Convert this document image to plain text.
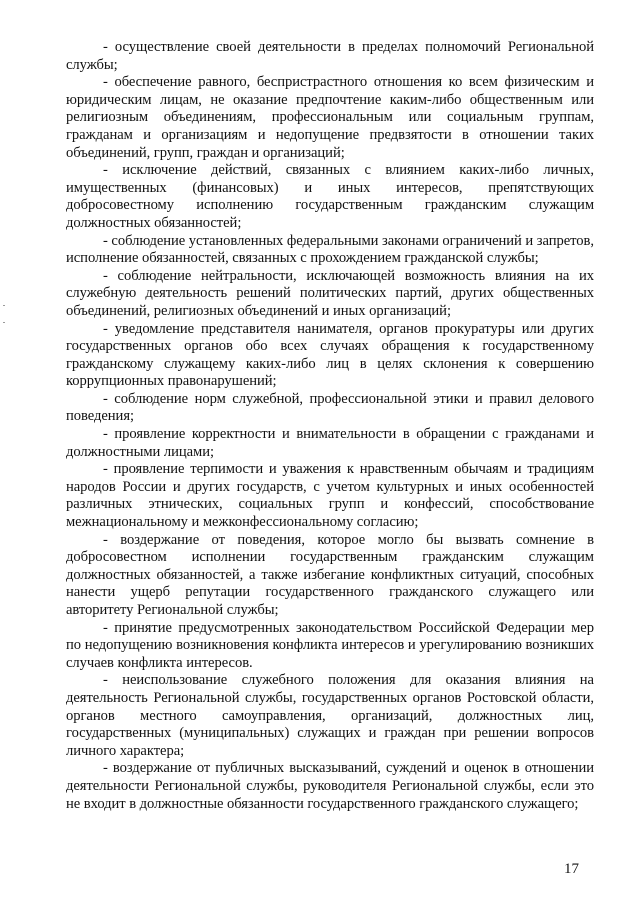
- осуществление своей деятельности в пределах полномочий Региональной службы;

- обеспечение равного, беспристрастного отношения ко всем физическим и юридическим лицам, не оказание предпочтение каким-либо общественным или религиозным объединениям, профессиональным или социальным группам, гражданам и организациям и недопущение предвзятости в отношении таких объединений, групп, граждан и организаций;

- исключение действий, связанных с влиянием каких-либо личных, имущественных (финансовых) и иных интересов, препятствующих добросовестному исполнению государственным гражданским служащим должностных обязанностей;

- соблюдение установленных федеральными законами ограничений и запретов, исполнение обязанностей, связанных с прохождением гражданской службы;

- соблюдение нейтральности, исключающей возможность влияния на их служебную деятельность решений политических партий, других общественных объединений, религиозных объединений и иных организаций;

- уведомление представителя нанимателя, органов прокуратуры или других государственных органов обо всех случаях обращения к государственному гражданскому служащему каких-либо лиц в целях склонения к совершению коррупционных правонарушений;

- соблюдение норм служебной, профессиональной этики и правил делового поведения;

- проявление корректности и внимательности в обращении с гражданами и должностными лицами;

- проявление терпимости и уважения к нравственным обычаям и традициям народов России и других государств, с учетом культурных и иных особенностей различных этнических, социальных групп и конфессий, способствование межнациональному и межконфессиональному согласию;

- воздержание от поведения, которое могло бы вызвать сомнение в добросовестном исполнении государственным гражданским служащим должностных обязанностей, а также избегание конфликтных ситуаций, способных нанести ущерб репутации государственного гражданского служащего или авторитету Региональной службы;

- принятие предусмотренных законодательством Российской Федерации мер по недопущению возникновения конфликта интересов и урегулированию возникших случаев конфликта интересов.

- неиспользование служебного положения для оказания влияния на деятельность Региональной службы, государственных органов Ростовской области, органов местного самоуправления, организаций, должностных лиц, государственных (муниципальных) служащих и граждан при решении вопросов личного характера;

- воздержание от публичных высказываний, суждений и оценок в отношении деятельности Региональной службы, руководителя Региональной службы, если это не входит в должностные обязанности государственного гражданского служащего;

17
